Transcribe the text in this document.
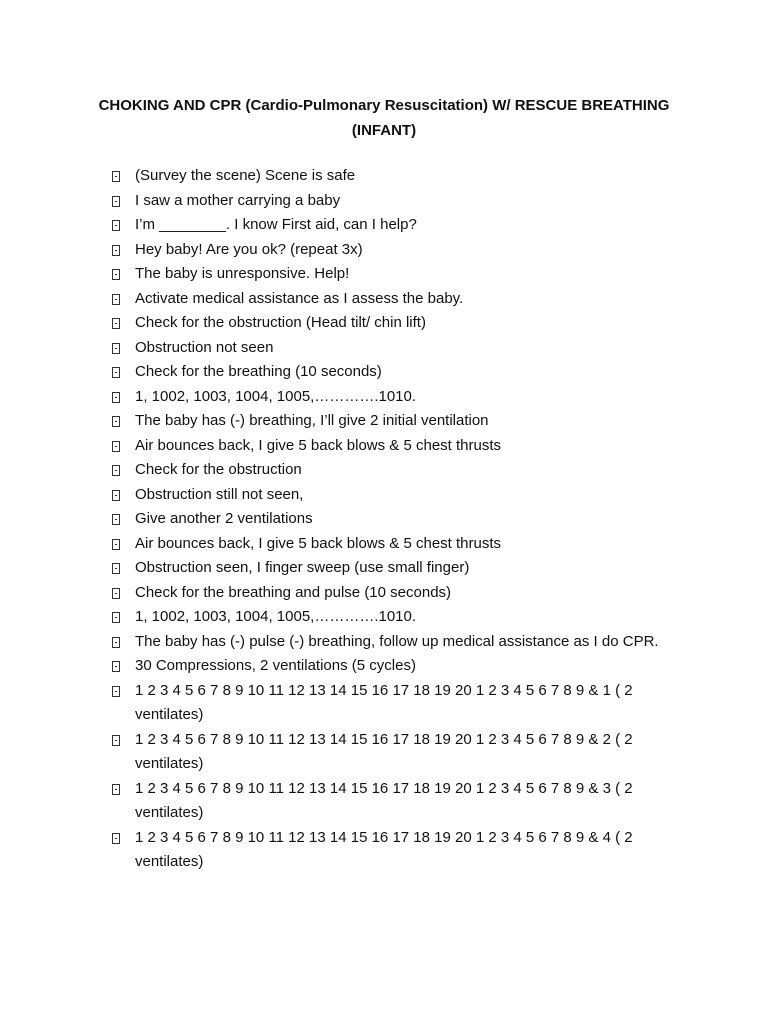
CHOKING AND CPR (Cardio-Pulmonary Resuscitation) W/ RESCUE BREATHING
(INFANT)
(Survey the scene) Scene is safe
I saw a mother carrying a baby
I’m ________. I know First aid, can I help?
Hey baby! Are you ok? (repeat 3x)
The baby is unresponsive. Help!
Activate medical assistance as I assess the baby.
Check for the obstruction (Head tilt/ chin lift)
Obstruction not seen
Check for the breathing (10 seconds)
1, 1002, 1003, 1004, 1005,………….1010.
The baby has (-) breathing, I’ll give 2 initial ventilation
Air bounces back, I give 5 back blows & 5 chest thrusts
Check for the obstruction
Obstruction still not seen,
Give another 2 ventilations
Air bounces back, I give 5 back blows & 5 chest thrusts
Obstruction seen, I finger sweep (use small finger)
Check for the breathing and pulse (10 seconds)
1, 1002, 1003, 1004, 1005,………….1010.
The baby has (-) pulse (-) breathing, follow up medical assistance as I do CPR.
30 Compressions, 2 ventilations (5 cycles)
1 2 3 4 5 6 7 8 9 10 11 12 13 14 15 16 17 18 19 20 1 2 3 4 5 6 7 8 9 & 1 ( 2 ventilates)
1 2 3 4 5 6 7 8 9 10 11 12 13 14 15 16 17 18 19 20 1 2 3 4 5 6 7 8 9 & 2 ( 2 ventilates)
1 2 3 4 5 6 7 8 9 10 11 12 13 14 15 16 17 18 19 20 1 2 3 4 5 6 7 8 9 & 3 ( 2 ventilates)
1 2 3 4 5 6 7 8 9 10 11 12 13 14 15 16 17 18 19 20 1 2 3 4 5 6 7 8 9 & 4 ( 2 ventilates)
